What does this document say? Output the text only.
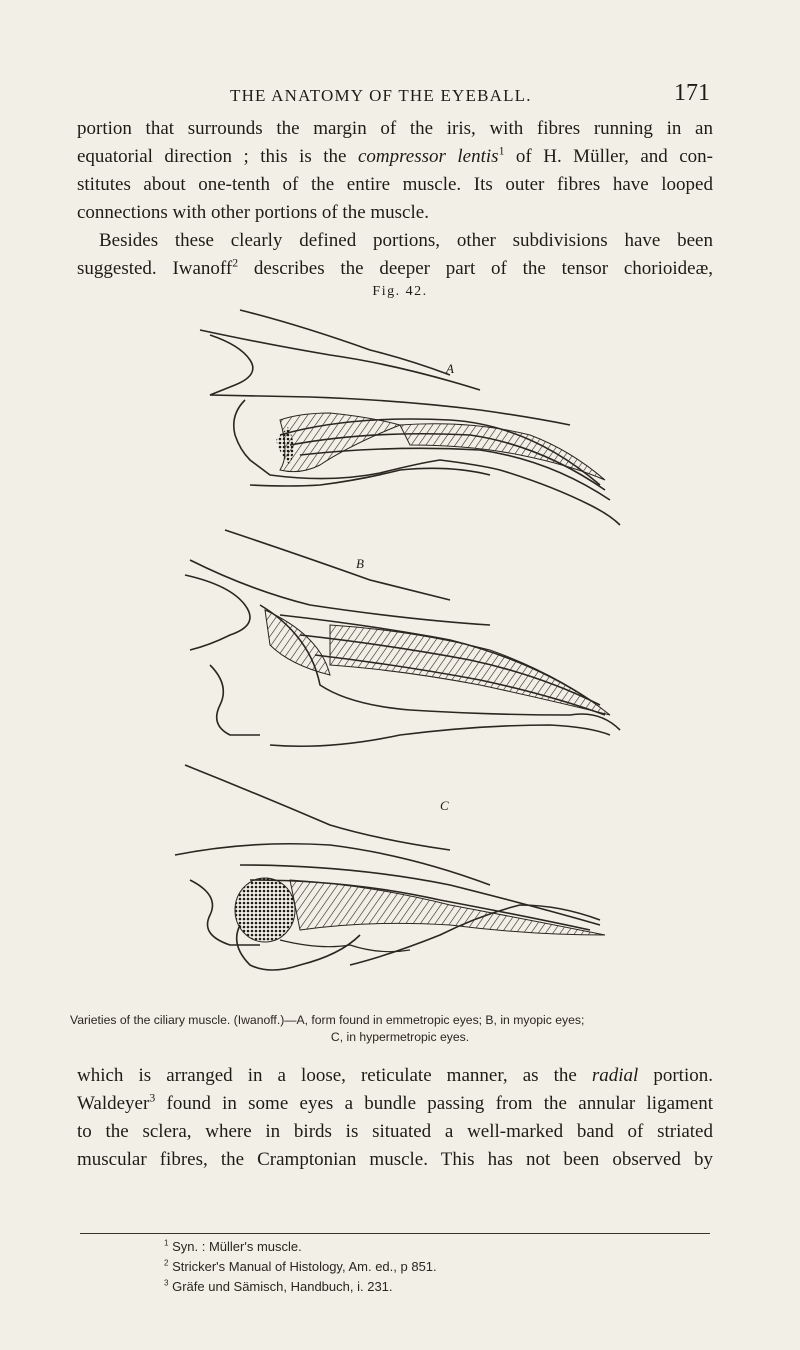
THE ANATOMY OF THE EYEBALL.	171
portion that surrounds the margin of the iris, with fibres running in an
equatorial direction ; this is the compressor lentis$^1$ of H. Müller, and con-
stitutes about one-tenth of the entire muscle. Its outer fibres have looped
connections with other portions of the muscle.
Besides these clearly defined portions, other subdivisions have been
suggested. Iwanoff$^2$ describes the deeper part of the tensor chorioideæ,
Fig. 42.
A
B
C
Varieties of the ciliary muscle. (Iwanoff.)—A, form found in emmetropic eyes; B, in myopic eyes;
C, in hypermetropic eyes.
which is arranged in a loose, reticulate manner, as the radial portion.
Waldeyer$^3$ found in some eyes a bundle passing from the annular ligament
to the sclera, where in birds is situated a well-marked band of striated
muscular fibres, the Cramptonian muscle. This has not been observed by
$^1$ Syn. : Müller's muscle.
$^2$ Stricker's Manual of Histology, Am. ed., p 851.
$^3$ Gräfe und Sämisch, Handbuch, i. 231.
